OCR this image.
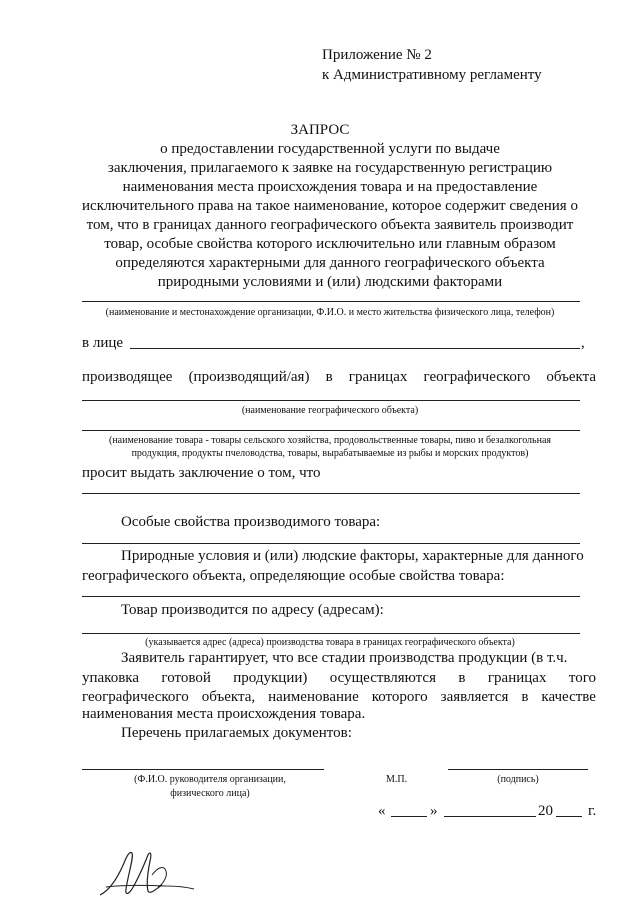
Приложение № 2
к Административному регламенту
ЗАПРОС
о предоставлении государственной услуги по выдаче
заключения, прилагаемого к заявке на государственную регистрацию
наименования места происхождения товара и на предоставление
исключительного права на такое наименование, которое содержит сведения о
том, что в границах данного географического объекта заявитель производит
товар, особые свойства которого исключительно или главным образом
определяются характерными для данного географического объекта
природными условиями и (или) людскими факторами
(наименование и местонахождение организации, Ф.И.О. и место жительства физического лица, телефон)
в лице	,
производящее (производящий/ая) в границах географического объекта
(наименование географического объекта)
(наименование товара - товары сельского хозяйства, продовольственные товары, пиво и безалкогольная
продукция, продукты пчеловодства, товары, вырабатываемые из рыбы и морских продуктов)
просит выдать заключение о том, что
Особые свойства производимого товара:
Природные условия и (или) людские факторы, характерные для данного
географического объекта, определяющие особые свойства товара:
Товар производится по адресу (адресам):
(указывается адрес (адреса) производства товара в границах географического объекта)
Заявитель гарантирует, что все стадии производства продукции (в т.ч.
упаковка готовой продукции) осуществляются в границах того
географического объекта, наименование которого заявляется в качестве
наименования места происхождения товара.
Перечень прилагаемых документов:
(Ф.И.О. руководителя организации,
физического лица)
М.П.	(подпись)
«	»	20 г.
